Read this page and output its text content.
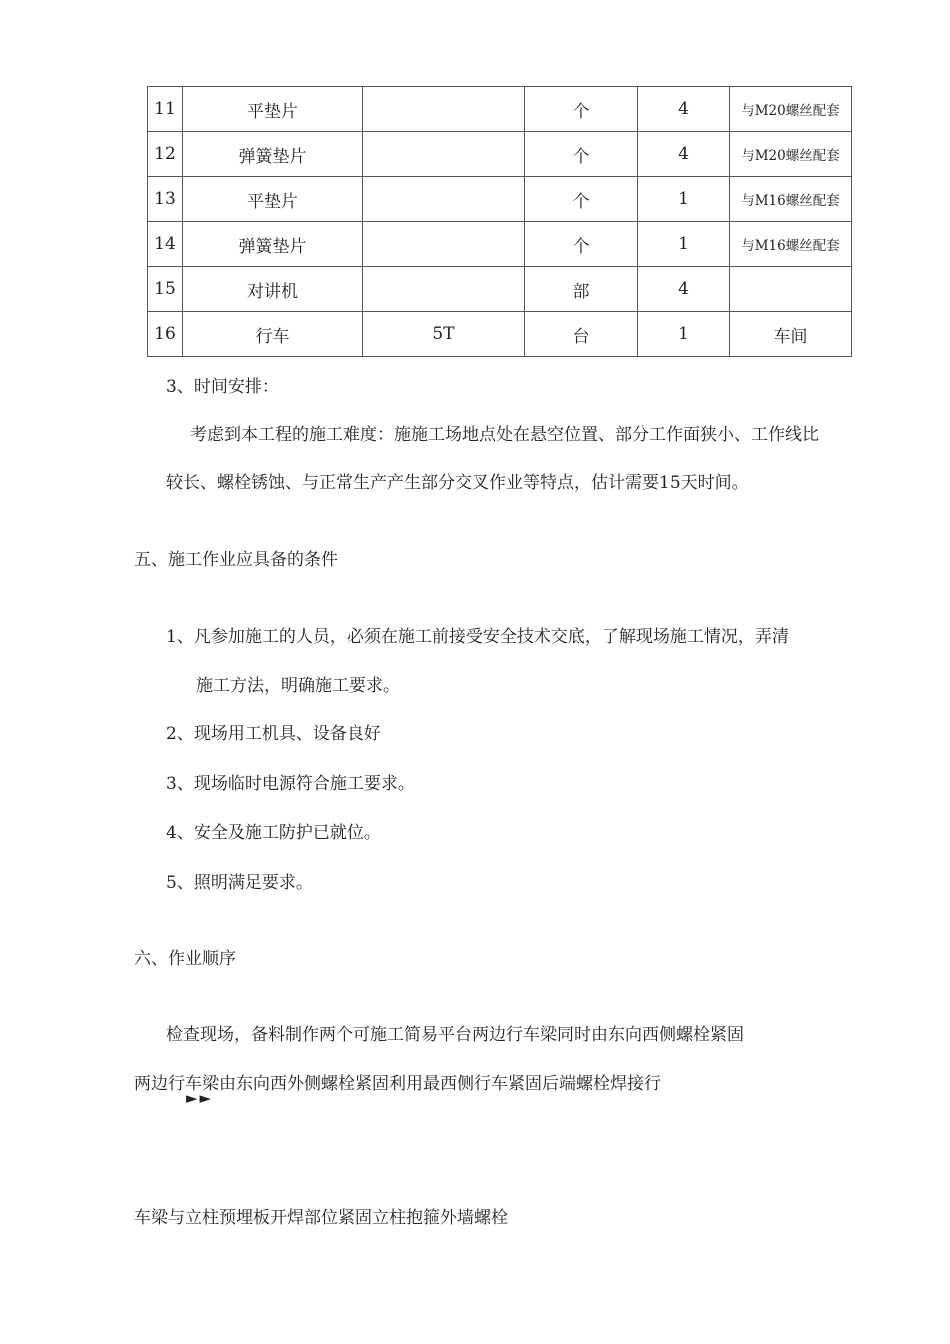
11	平垫片		个	4	与M20螺丝配套
12	弹簧垫片		个	4	与M20螺丝配套
13	平垫片		个	1	与M16螺丝配套
14	弹簧垫片		个	1	与M16螺丝配套
15	对讲机		部	4	
16	行车	5T	台	1	车间
3、时间安排：
考虑到本工程的施工难度：施施工场地点处在悬空位置、部分工作面狭小、工作线比
较长、螺栓锈蚀、与正常生产产生部分交叉作业等特点，估计需要15天时间。
五、施工作业应具备的条件
1、凡参加施工的人员，必须在施工前接受安全技术交底，了解现场施工情况，弄清
施工方法，明确施工要求。
2、现场用工机具、设备良好
3、现场临时电源符合施工要求。
4、安全及施工防护已就位。
5、照明满足要求。
六、作业顺序
检查现场，备料制作两个可施工简易平台两边行车梁同时由东向西侧螺栓紧固
两边行车梁由东向西外侧螺栓紧固利用最西侧行车紧固后端螺栓焊接行
►►
车梁与立柱预埋板开焊部位紧固立柱抱箍外墙螺栓
